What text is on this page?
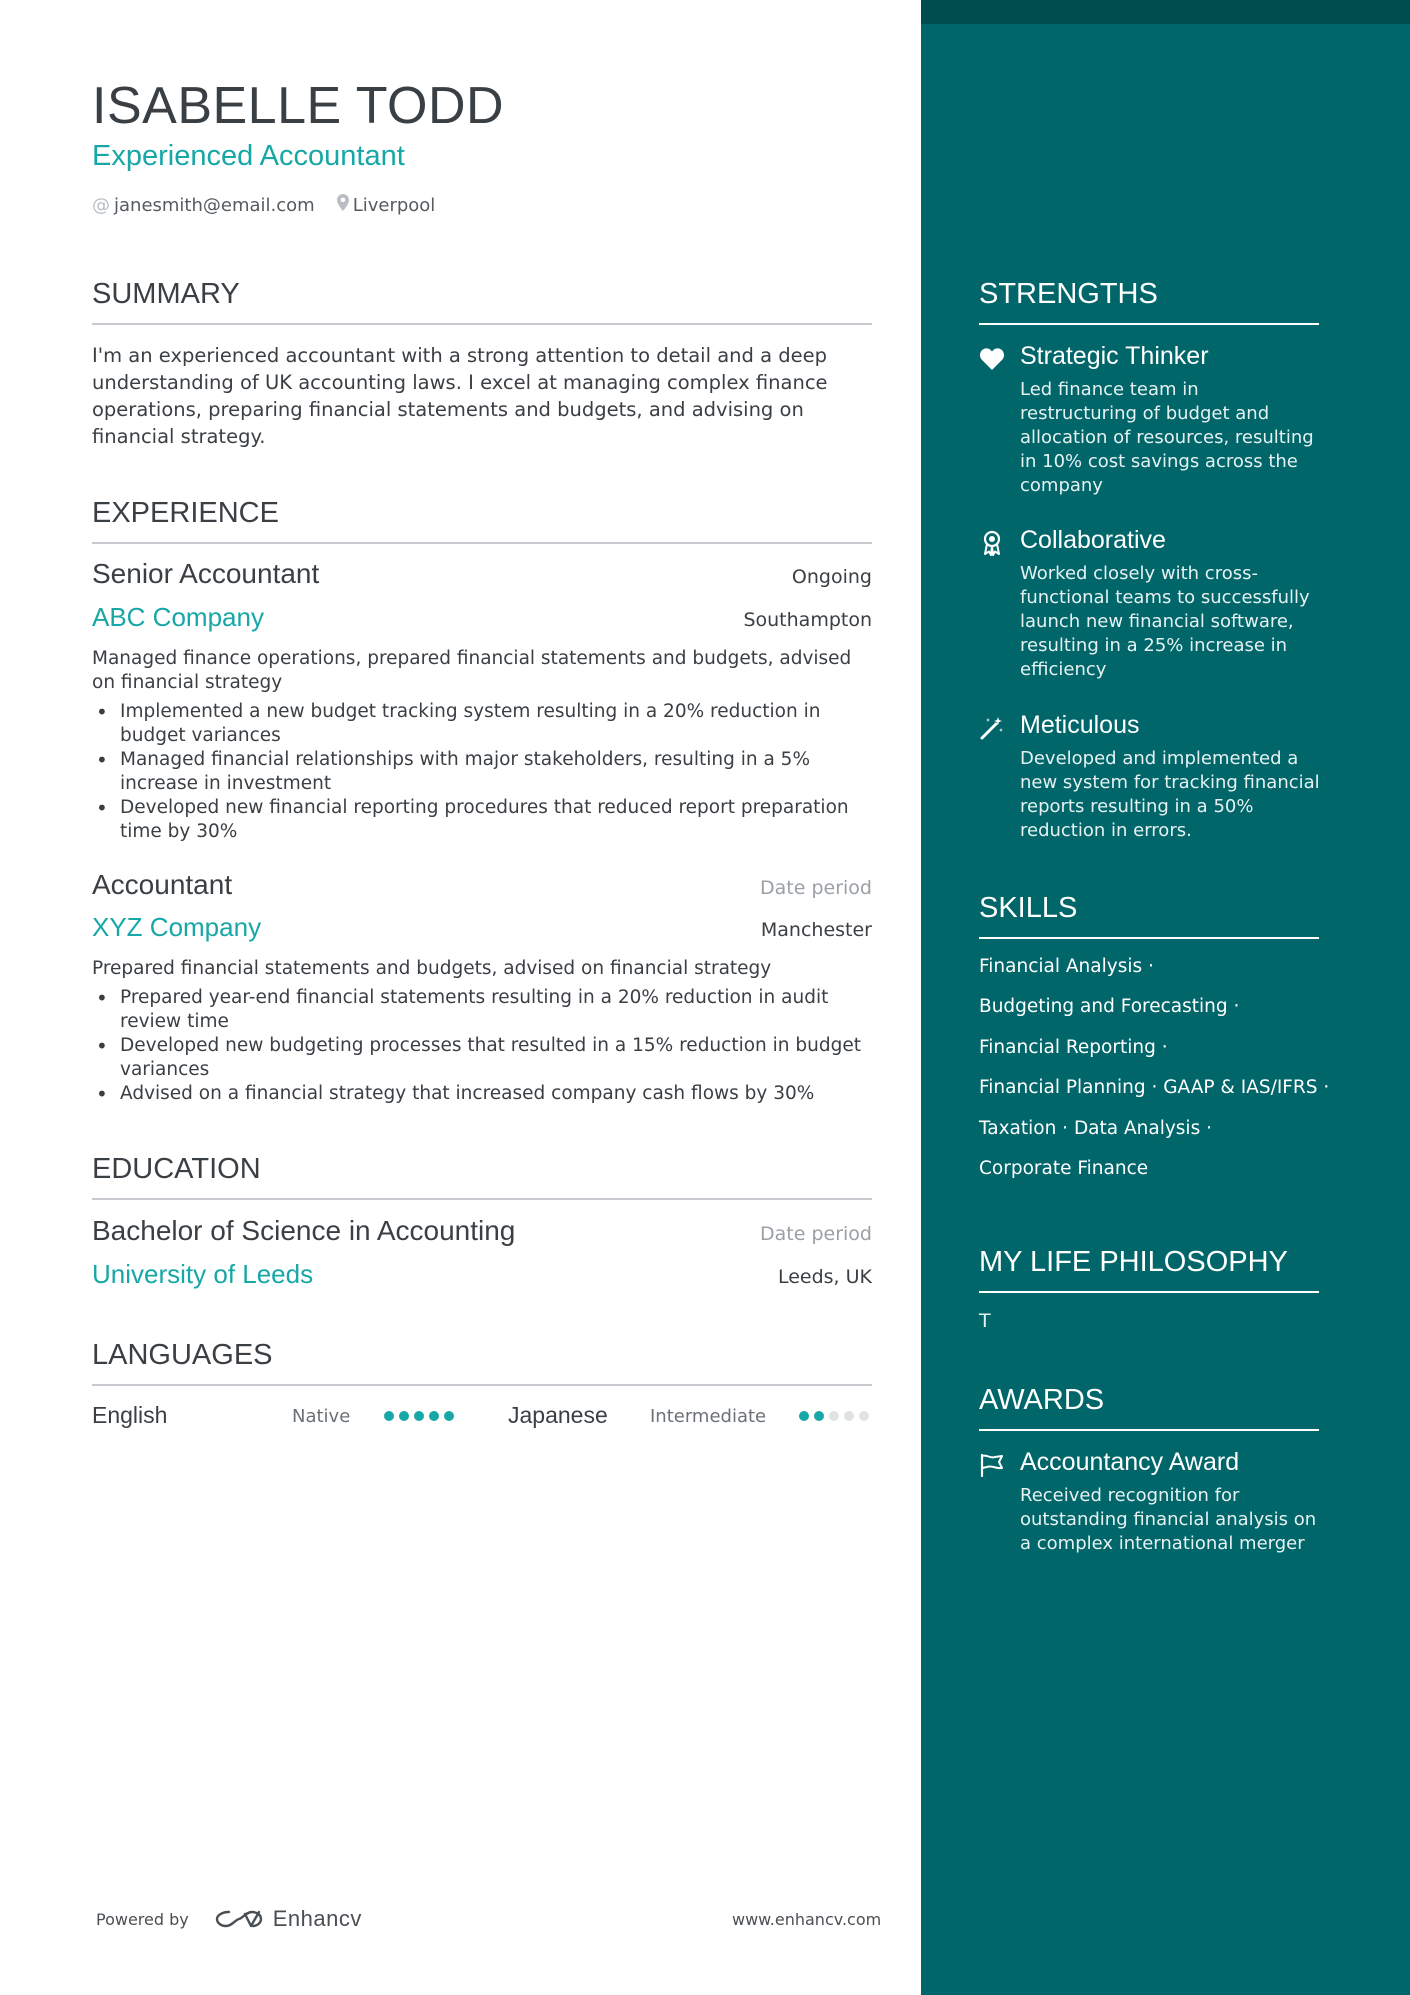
ISABELLE TODD
Experienced Accountant
@ janesmith@email.com Liverpool
SUMMARY

I'm an experienced accountant with a strong attention to detail and a deep understanding of UK accounting laws. I excel at managing complex finance operations, preparing financial statements and budgets, and advising on financial strategy.

EXPERIENCE
Senior Accountant	Ongoing
ABC Company	Southampton

Managed finance operations, prepared financial statements and budgets, advised on financial strategy

• Implemented a new budget tracking system resulting in a 20% reduction in budget variances
• Managed financial relationships with major stakeholders, resulting in a 5% increase in investment
• Developed new financial reporting procedures that reduced report preparation time by 30%
Accountant	Date period
XYZ Company	Manchester

Prepared financial statements and budgets, advised on financial strategy

• Prepared year-end financial statements resulting in a 20% reduction in audit review time
• Developed new budgeting processes that resulted in a 15% reduction in budget variances
• Advised on a financial strategy that increased company cash flows by 30%
EDUCATION
Bachelor of Science in Accounting	Date period
University of Leeds	Leeds, UK
LANGUAGES
English	Native	Japanese Intermediate
Powered by	Enhancv	www.enhancv.com
STRENGTHS
Strategic Thinker

Led finance team in restructuring of budget and allocation of resources, resulting in 10% cost savings across the company

Collaborative

Worked closely with cross-functional teams to successfully launch new financial software, resulting in a 25% increase in efficiency

Meticulous

Developed and implemented a new system for tracking financial reports resulting in a 50% reduction in errors.

SKILLS
Financial Analysis ·
Budgeting and Forecasting ·
Financial Reporting ·
Financial Planning · GAAP & IAS/IFRS ·
Taxation · Data Analysis ·
Corporate Finance
MY LIFE PHILOSOPHY
T
AWARDS
Accountancy Award

Received recognition for outstanding financial analysis on a complex international merger
